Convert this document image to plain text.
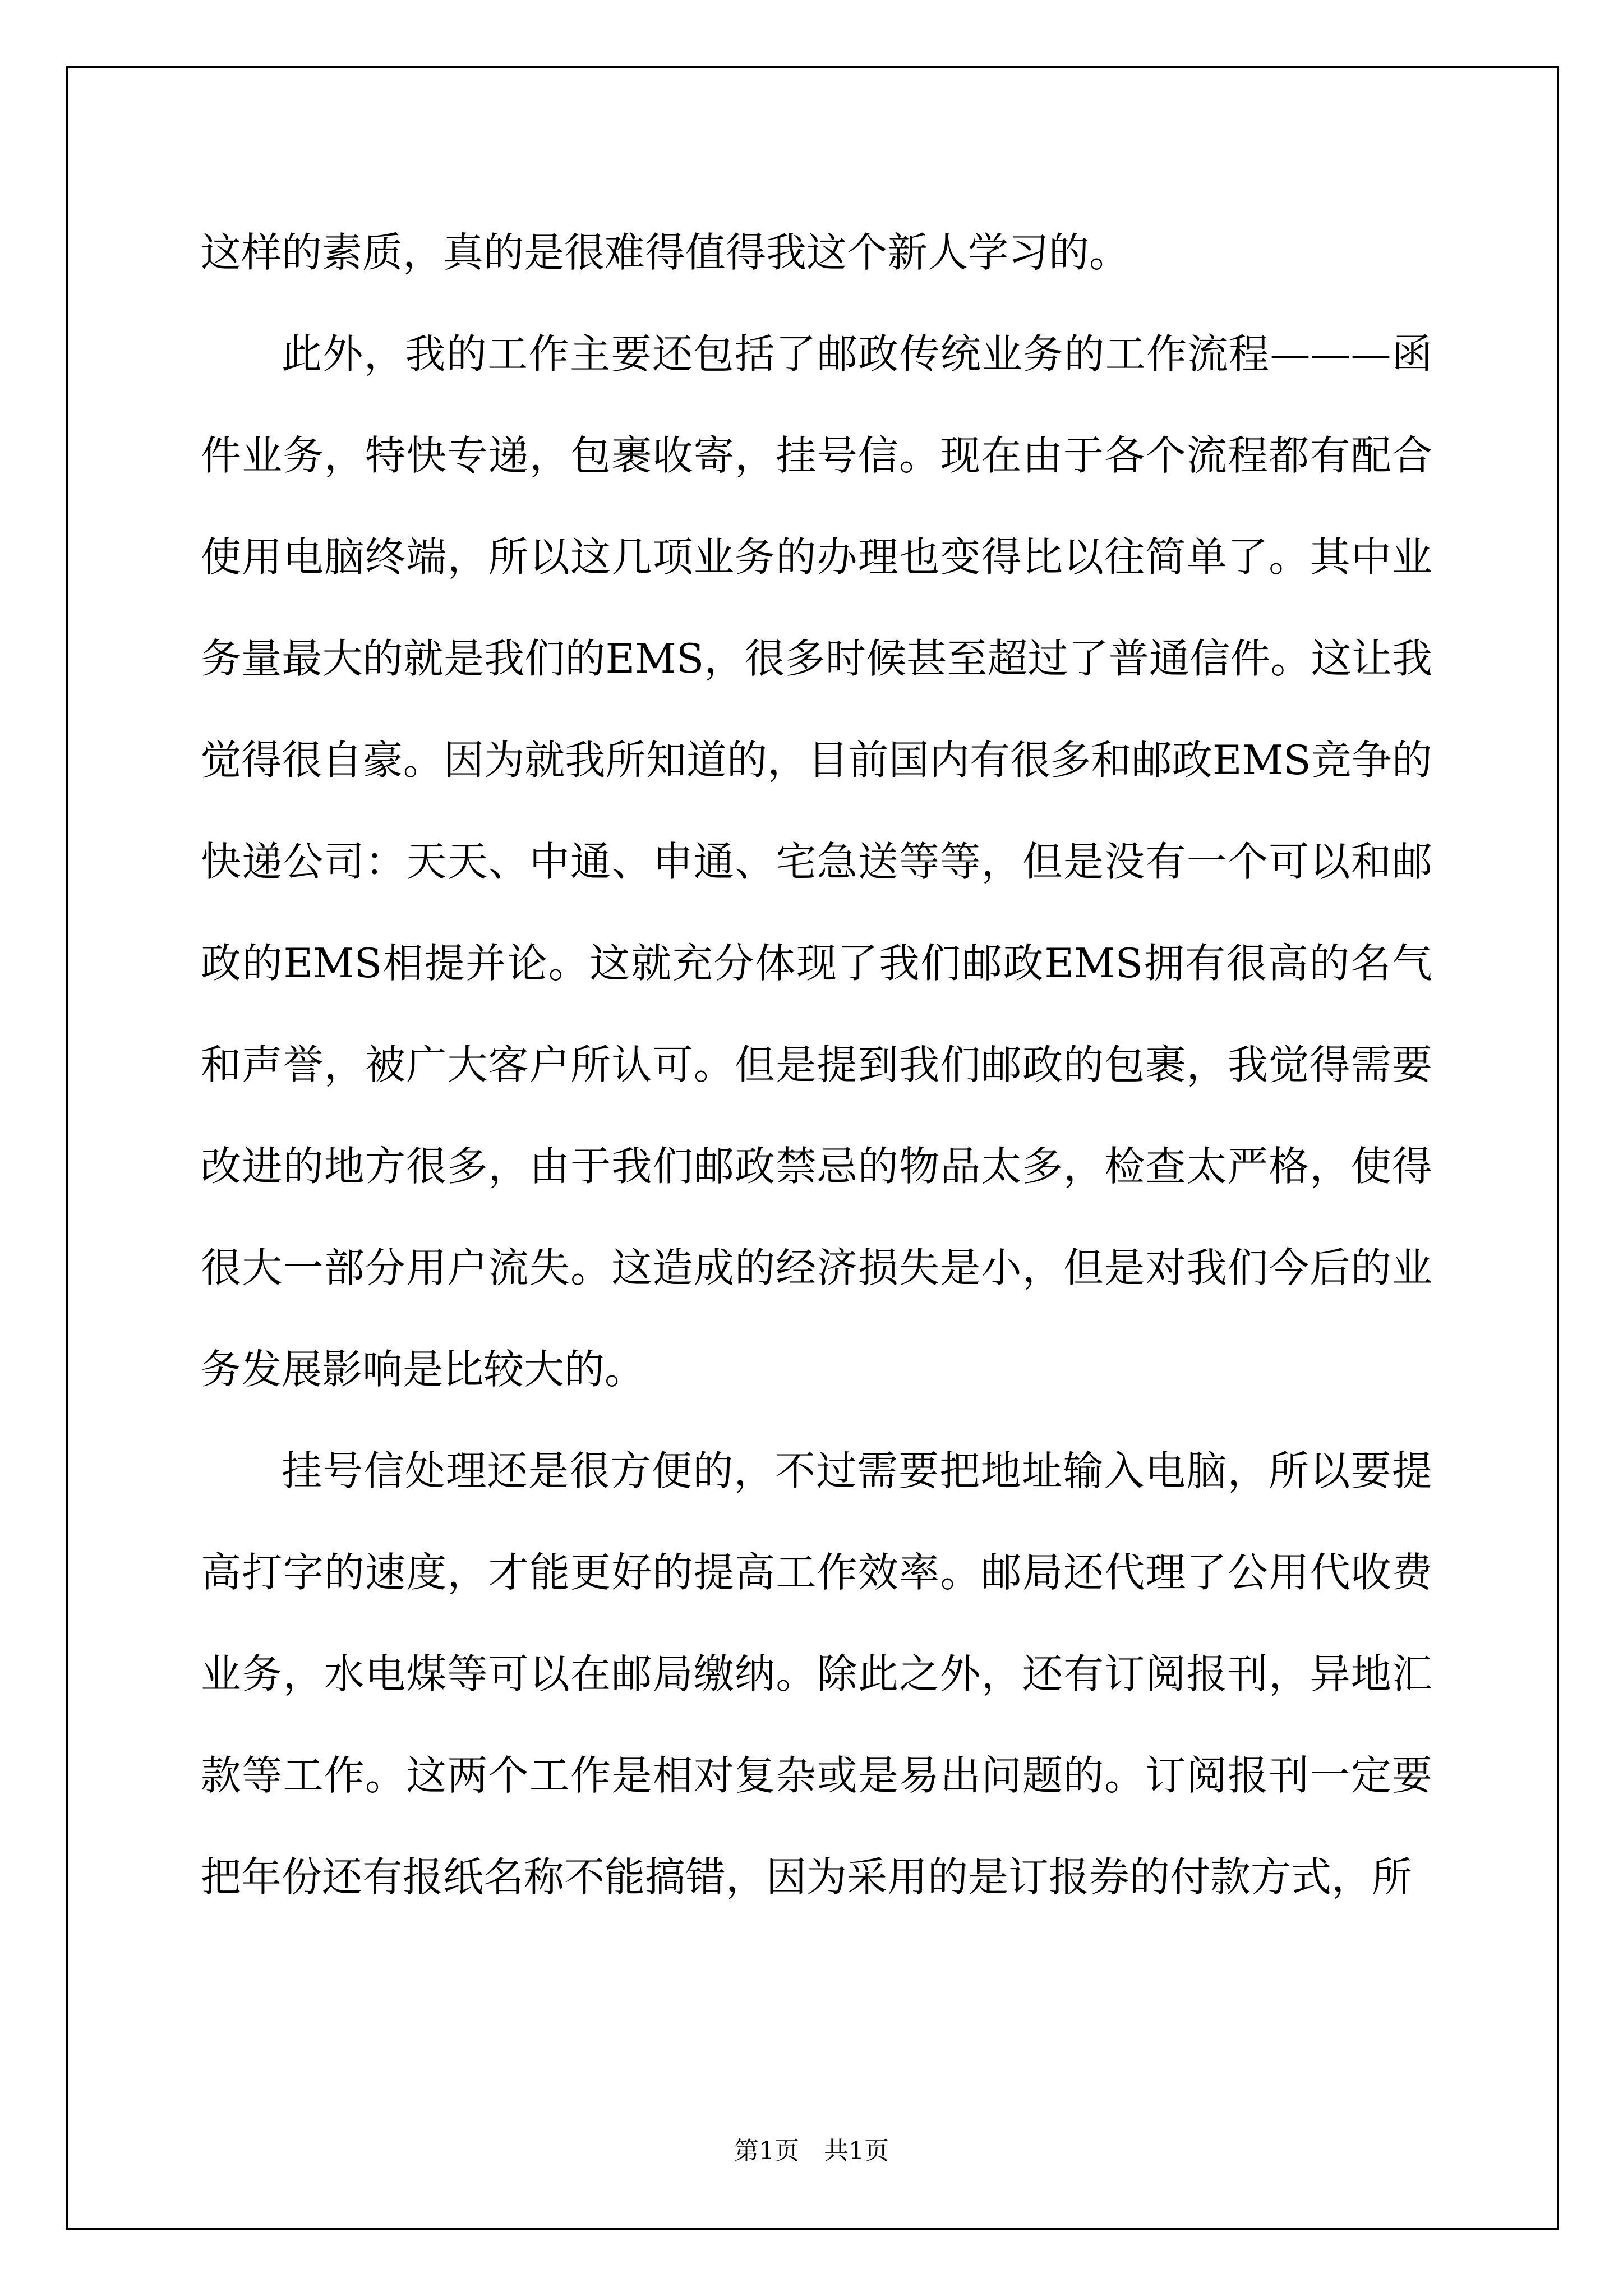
这样的素质，真的是很难得值得我这个新人学习的。

此外，我的工作主要还包括了邮政传统业务的工作流程———函件业务，特快专递，包裹收寄，挂号信。现在由于各个流程都有配合使用电脑终端，所以这几项业务的办理也变得比以往简单了。其中业务量最大的就是我们的EMS，很多时候甚至超过了普通信件。这让我觉得很自豪。因为就我所知道的，目前国内有很多和邮政EMS竞争的快递公司：天天、中通、申通、宅急送等等，但是没有一个可以和邮政的EMS相提并论。这就充分体现了我们邮政EMS拥有很高的名气和声誉，被广大客户所认可。但是提到我们邮政的包裹，我觉得需要改进的地方很多，由于我们邮政禁忌的物品太多，检查太严格，使得很大一部分用户流失。这造成的经济损失是小，但是对我们今后的业务发展影响是比较大的。

挂号信处理还是很方便的，不过需要把地址输入电脑，所以要提高打字的速度，才能更好的提高工作效率。邮局还代理了公用代收费业务，水电煤等可以在邮局缴纳。除此之外，还有订阅报刊，异地汇款等工作。这两个工作是相对复杂或是易出问题的。订阅报刊一定要把年份还有报纸名称不能搞错，因为采用的是订报券的付款方式，所

第1页 共1页
